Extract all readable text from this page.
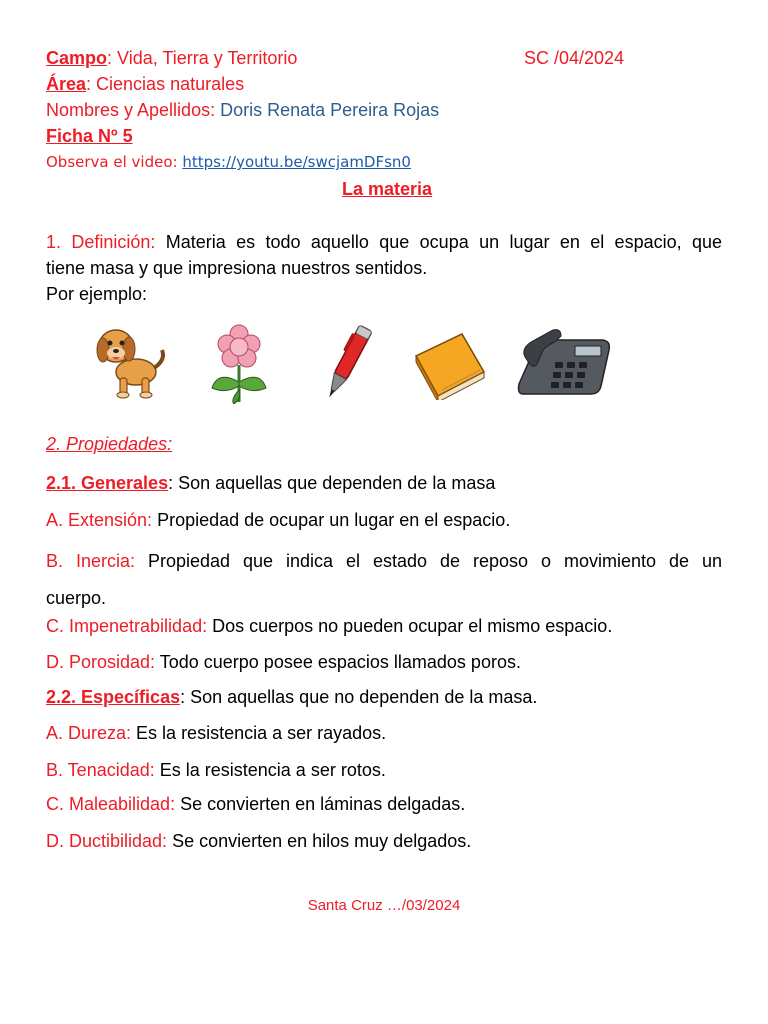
Campo: Vida, Tierra y Territorio	SC /04/2024
Área: Ciencias naturales
Nombres y Apellidos: Doris Renata Pereira Rojas
Ficha Nº 5
Observa el video: https://youtu.be/swcjamDFsn0
La materia
1. Definición: Materia es todo aquello que ocupa un lugar en el espacio, que
tiene masa y que impresiona nuestros sentidos.
Por ejemplo:
2. Propiedades:
2.1. Generales: Son aquellas que dependen de la masa
A. Extensión: Propiedad de ocupar un lugar en el espacio.
B. Inercia: Propiedad que indica el estado de reposo o movimiento de un
cuerpo.
C. Impenetrabilidad: Dos cuerpos no pueden ocupar el mismo espacio.
D. Porosidad: Todo cuerpo posee espacios llamados poros.
2.2. Específicas: Son aquellas que no dependen de la masa.
A. Dureza: Es la resistencia a ser rayados.
B. Tenacidad: Es la resistencia a ser rotos.
C. Maleabilidad: Se convierten en láminas delgadas.
D. Ductibilidad: Se convierten en hilos muy delgados.
Santa Cruz …/03/2024
